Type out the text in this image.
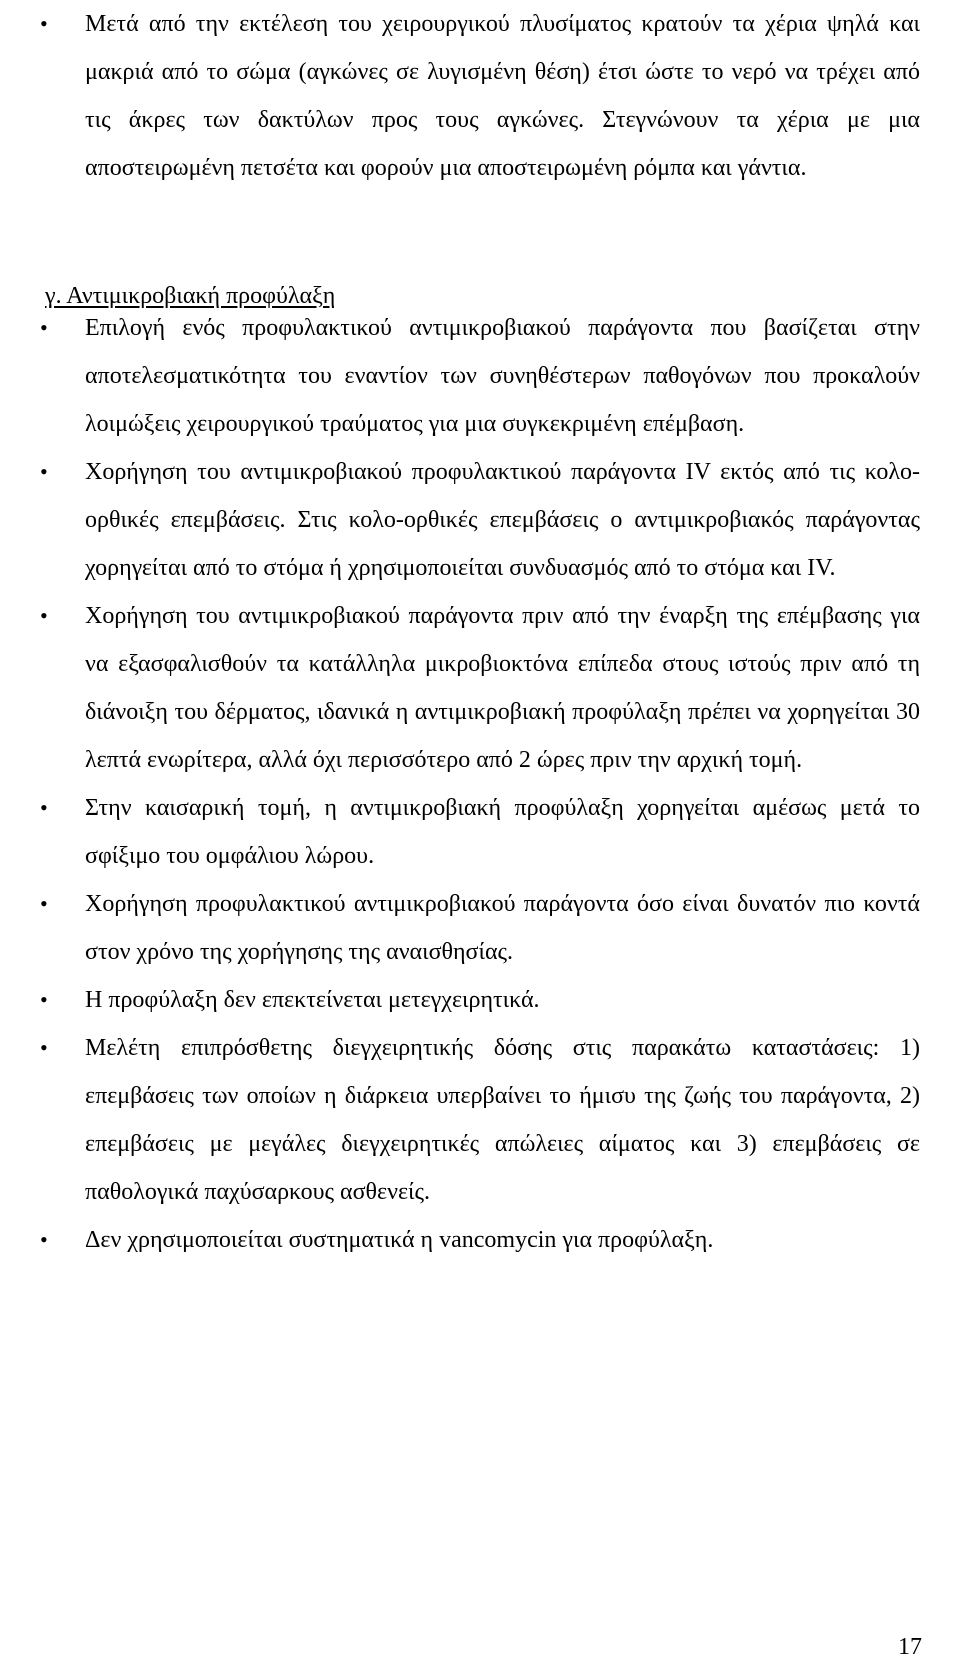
•	Μετά από την εκτέλεση του χειρουργικού πλυσίματος κρατούν τα χέρια ψηλά και μακριά από το σώμα (αγκώνες σε λυγισμένη θέση) έτσι ώστε το νερό να τρέχει από τις άκρες των δακτύλων προς τους αγκώνες. Στεγνώνουν τα χέρια με μια αποστειρωμένη πετσέτα και φορούν μια αποστειρωμένη ρόμπα και γάντια.
γ. Αντιμικροβιακή προφύλαξη
•	Επιλογή ενός προφυλακτικού αντιμικροβιακού παράγοντα που βασίζεται στην αποτελεσματικότητα του εναντίον των συνηθέστερων παθογόνων που προκαλούν λοιμώξεις χειρουργικού τραύματος για μια συγκεκριμένη επέμβαση.
•	Χορήγηση του αντιμικροβιακού προφυλακτικού παράγοντα IV εκτός από τις κολο-ορθικές επεμβάσεις. Στις κολο-ορθικές επεμβάσεις ο αντιμικροβιακός παράγοντας χορηγείται από το στόμα ή χρησιμοποιείται συνδυασμός από το στόμα και IV.
•	Χορήγηση του αντιμικροβιακού παράγοντα πριν από την έναρξη της επέμβασης για να εξασφαλισθούν τα κατάλληλα μικροβιοκτόνα επίπεδα στους ιστούς πριν από τη διάνοιξη του δέρματος, ιδανικά η αντιμικροβιακή προφύλαξη πρέπει να χορηγείται 30 λεπτά ενωρίτερα, αλλά όχι περισσότερο από 2 ώρες πριν την αρχική τομή.
•	Στην καισαρική τομή, η αντιμικροβιακή προφύλαξη χορηγείται αμέσως μετά το σφίξιμο του ομφάλιου λώρου.
•	Χορήγηση προφυλακτικού αντιμικροβιακού παράγοντα όσο είναι δυνατόν πιο κοντά στον χρόνο της χορήγησης της αναισθησίας.
•	Η προφύλαξη δεν επεκτείνεται μετεγχειρητικά.
•	Μελέτη επιπρόσθετης διεγχειρητικής δόσης στις παρακάτω καταστάσεις: 1) επεμβάσεις των οποίων η διάρκεια υπερβαίνει το ήμισυ της ζωής του παράγοντα, 2) επεμβάσεις με μεγάλες διεγχειρητικές απώλειες αίματος και 3) επεμβάσεις σε παθολογικά παχύσαρκους ασθενείς.
•	Δεν χρησιμοποιείται συστηματικά η vancomycin για προφύλαξη.
17
